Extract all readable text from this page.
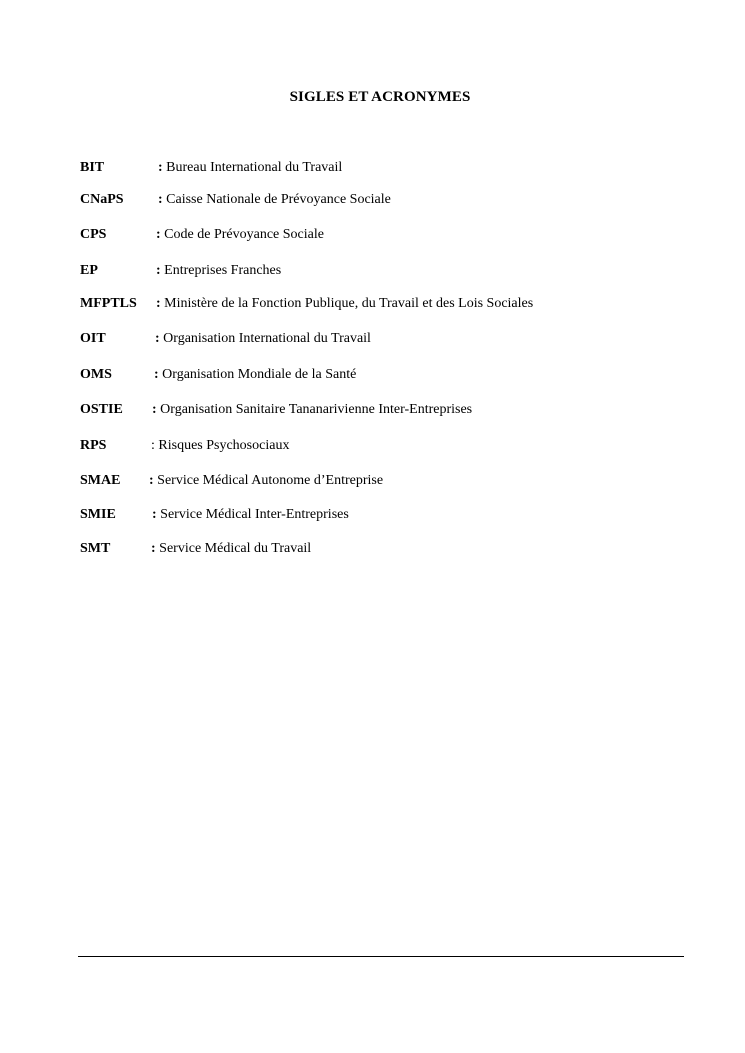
SIGLES ET ACRONYMES
BIT	: Bureau International du Travail
CNaPS : Caisse Nationale de Prévoyance Sociale
CPS	: Code de Prévoyance Sociale
EP	: Entreprises Franches
MFPTLS : Ministère de la Fonction Publique, du Travail et des Lois Sociales
OIT	: Organisation International du Travail
OMS	: Organisation Mondiale de la Santé
OSTIE : Organisation Sanitaire Tananarivienne Inter-Entreprises
RPS	: Risques Psychosociaux
SMAE : Service Médical Autonome d’Entreprise
SMIE	: Service Médical Inter-Entreprises
SMT	: Service Médical du Travail
